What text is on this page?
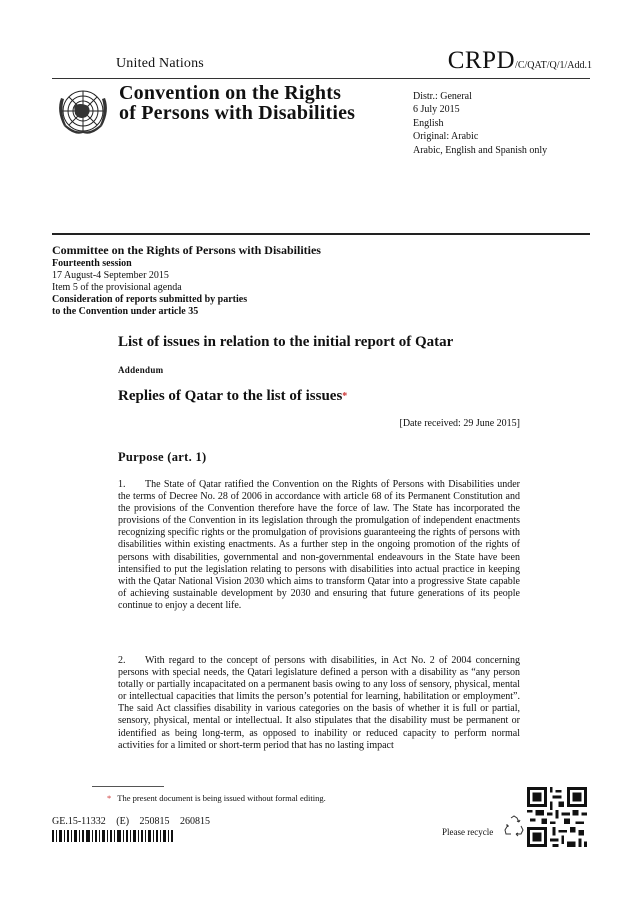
United Nations	CRPD/C/QAT/Q/1/Add.1
Convention on the Rights
of Persons with Disabilities
Distr.: General
6 July 2015
English
Original: Arabic
Arabic, English and Spanish only
Committee on the Rights of Persons with Disabilities
Fourteenth session
17 August-4 September 2015
Item 5 of the provisional agenda
Consideration of reports submitted by parties
to the Convention under article 35
List of issues in relation to the initial report of Qatar
Addendum
Replies of Qatar to the list of issues*
[Date received: 29 June 2015]
Purpose (art. 1)
1. The State of Qatar ratified the Convention on the Rights of Persons with Disabilities under the terms of Decree No. 28 of 2006 in accordance with article 68 of its Permanent Constitution and the provisions of the Convention therefore have the force of law. The State has incorporated the provisions of the Convention in its legislation through the promulgation of independent enactments recognizing specific rights or the promulgation of provisions guaranteeing the rights of persons with disabilities within existing enactments. As a further step in the ongoing promotion of the rights of persons with disabilities, governmental and non-governmental endeavours in the State have been intensified to put the legislation relating to persons with disabilities into actual practice in keeping with the Qatar National Vision 2030 which aims to transform Qatar into a progressive State capable of achieving sustainable development by 2030 and ensuring that future generations of its people continue to enjoy a decent life.
2. With regard to the concept of persons with disabilities, in Act No. 2 of 2004 concerning persons with special needs, the Qatari legislature defined a person with a disability as “any person totally or partially incapacitated on a permanent basis owing to any loss of sensory, physical, mental or intellectual capacities that limits the person’s potential for learning, habilitation or employment”. The said Act classifies disability in various categories on the basis of whether it is full or partial, sensory, physical, mental or intellectual. It also stipulates that the disability must be permanent or identified as being long-term, as opposed to inability or reduced capacity to perform normal activities for a limited or short-term period that has no lasting impact
* The present document is being issued without formal editing.
GE.15-11332 (E) 250815 260815
Please recycle
